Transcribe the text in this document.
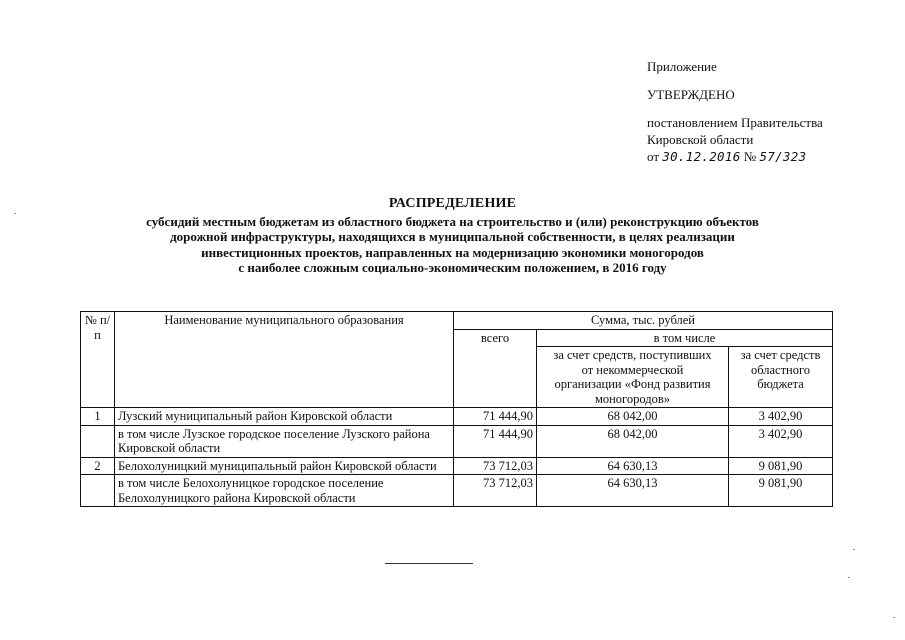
Приложение
УТВЕРЖДЕНО
постановлением Правительства
Кировской области
от 30.12.2016 № 57/323
РАСПРЕДЕЛЕНИЕ
субсидий местным бюджетам из областного бюджета на строительство и (или) реконструкцию объектов
дорожной инфраструктуры, находящихся в муниципальной собственности, в целях реализации
инвестиционных проектов, направленных на модернизацию экономики моногородов
с наиболее сложным социально-экономическим положением, в 2016 году
№ п/п	Наименование муниципального образования	Сумма, тыс. рублей		
		всего	в том числе	
			за счет средств, поступивших от некоммерческой организации «Фонд развития моногородов»	за счет средств областного бюджета
1	Лузский муниципальный район Кировской области	71 444,90	68 042,00	3 402,90
	в том числе Лузское городское поселение Лузского района Кировской области	71 444,90	68 042,00	3 402,90
2	Белохолуницкий муниципальный район Кировской области	73 712,03	64 630,13	9 081,90
	в том числе Белохолуницкое городское поселение Белохолуницкого района Кировской области	73 712,03	64 630,13	9 081,90
